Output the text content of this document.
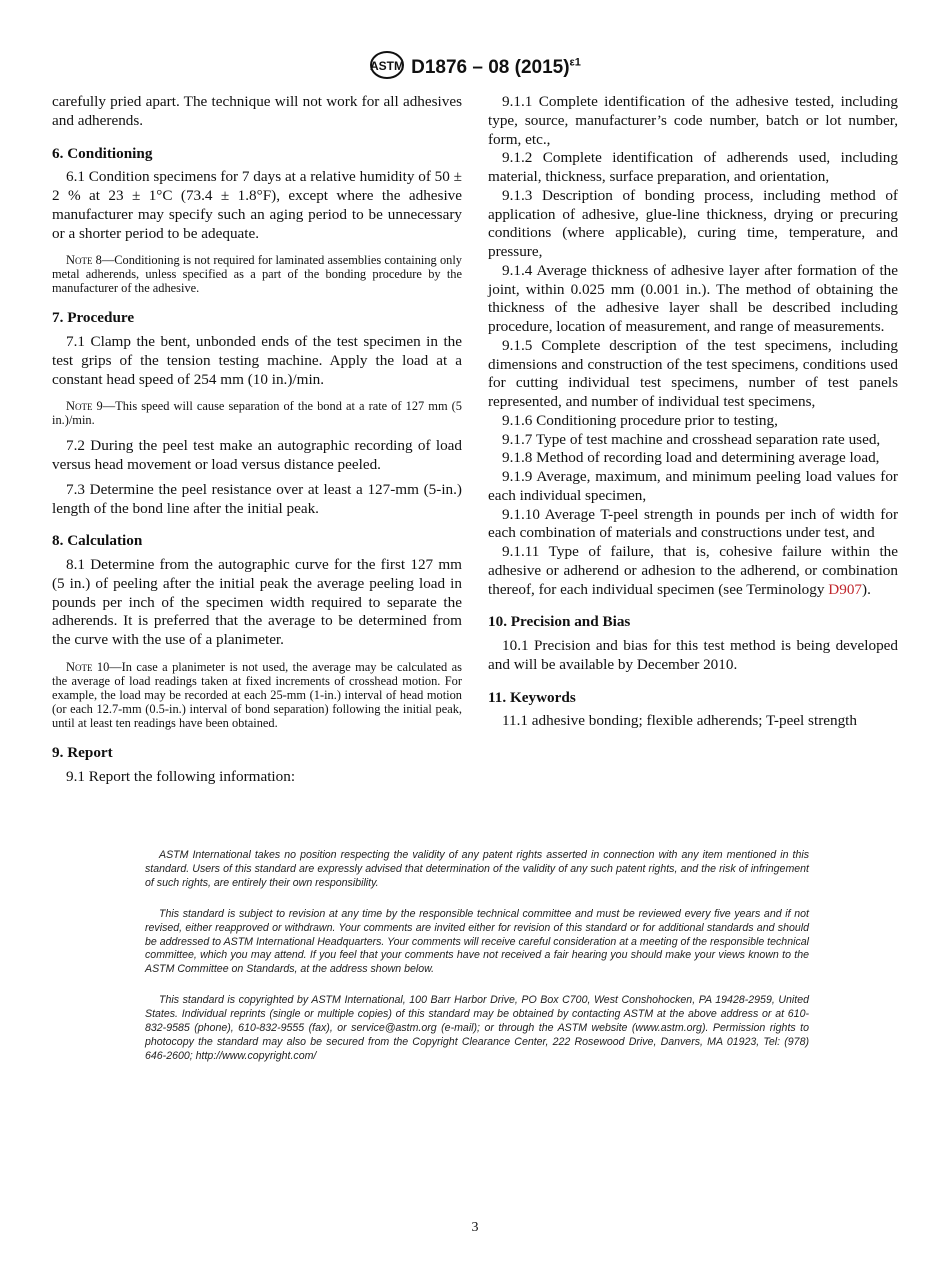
ASTM D1876 – 08 $(2015)^{\varepsilon 1}$

carefully pried apart. The technique will not work for all adhesives and adherends.

6. Conditioning

6.1 Condition specimens for 7 days at a relative humidity of 50 ± 2 % at 23 ± 1°C (73.4 ± 1.8°F), except where the adhesive manufacturer may specify such an aging period to be unnecessary or a shorter period to be adequate.

Note 8—Conditioning is not required for laminated assemblies containing only metal adherends, unless specified as a part of the bonding procedure by the manufacturer of the adhesive.

7. Procedure

7.1 Clamp the bent, unbonded ends of the test specimen in the test grips of the tension testing machine. Apply the load at a constant head speed of 254 mm (10 in.)/min.

Note 9—This speed will cause separation of the bond at a rate of 127 mm (5 in.)/min.

7.2 During the peel test make an autographic recording of load versus head movement or load versus distance peeled.

7.3 Determine the peel resistance over at least a 127-mm (5-in.) length of the bond line after the initial peak.

8. Calculation

8.1 Determine from the autographic curve for the first 127 mm (5 in.) of peeling after the initial peak the average peeling load in pounds per inch of the specimen width required to separate the adherends. It is preferred that the average to be determined from the curve with the use of a planimeter.

Note 10—In case a planimeter is not used, the average may be calculated as the average of load readings taken at fixed increments of crosshead motion. For example, the load may be recorded at each 25-mm (1-in.) interval of head motion (or each 12.7-mm (0.5-in.) interval of bond separation) following the initial peak, until at least ten readings have been obtained.

9. Report

9.1 Report the following information:

9.1.1 Complete identification of the adhesive tested, including type, source, manufacturer’s code number, batch or lot number, form, etc.,

9.1.2 Complete identification of adherends used, including material, thickness, surface preparation, and orientation,

9.1.3 Description of bonding process, including method of application of adhesive, glue-line thickness, drying or precuring conditions (where applicable), curing time, temperature, and pressure,

9.1.4 Average thickness of adhesive layer after formation of the joint, within 0.025 mm (0.001 in.). The method of obtaining the thickness of the adhesive layer shall be described including procedure, location of measurement, and range of measurements.

9.1.5 Complete description of the test specimens, including dimensions and construction of the test specimens, conditions used for cutting individual test specimens, number of test panels represented, and number of individual test specimens,

9.1.6 Conditioning procedure prior to testing,

9.1.7 Type of test machine and crosshead separation rate used,

9.1.8 Method of recording load and determining average load,

9.1.9 Average, maximum, and minimum peeling load values for each individual specimen,

9.1.10 Average T-peel strength in pounds per inch of width for each combination of materials and constructions under test, and

9.1.11 Type of failure, that is, cohesive failure within the adhesive or adherend or adhesion to the adherend, or combination thereof, for each individual specimen (see Terminology D907).

10. Precision and Bias

10.1 Precision and bias for this test method is being developed and will be available by December 2010.

11. Keywords

11.1 adhesive bonding; flexible adherends; T-peel strength

ASTM International takes no position respecting the validity of any patent rights asserted in connection with any item mentioned in this standard. Users of this standard are expressly advised that determination of the validity of any such patent rights, and the risk of infringement of such rights, are entirely their own responsibility.

This standard is subject to revision at any time by the responsible technical committee and must be reviewed every five years and if not revised, either reapproved or withdrawn. Your comments are invited either for revision of this standard or for additional standards and should be addressed to ASTM International Headquarters. Your comments will receive careful consideration at a meeting of the responsible technical committee, which you may attend. If you feel that your comments have not received a fair hearing you should make your views known to the ASTM Committee on Standards, at the address shown below.

This standard is copyrighted by ASTM International, 100 Barr Harbor Drive, PO Box C700, West Conshohocken, PA 19428-2959, United States. Individual reprints (single or multiple copies) of this standard may be obtained by contacting ASTM at the above address or at 610-832-9585 (phone), 610-832-9555 (fax), or service@astm.org (e-mail); or through the ASTM website (www.astm.org). Permission rights to photocopy the standard may also be secured from the Copyright Clearance Center, 222 Rosewood Drive, Danvers, MA 01923, Tel: (978) 646-2600; http://www.copyright.com/

3
